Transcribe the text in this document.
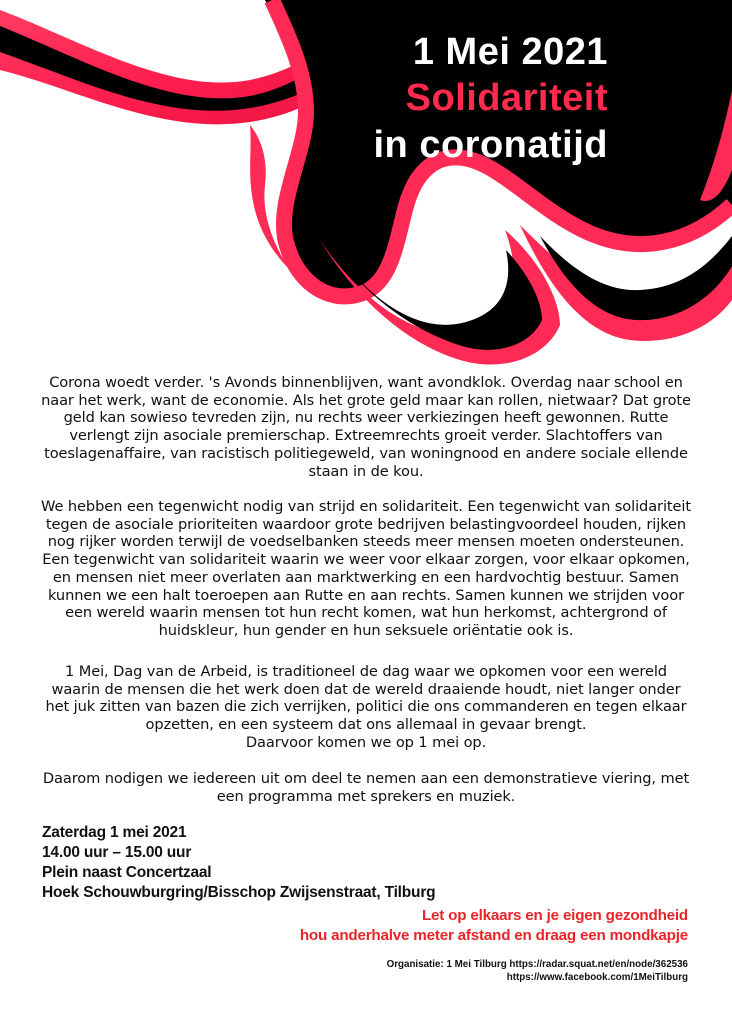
1 Mei 2021
Solidariteit
in coronatijd
Corona woedt verder. 's Avonds binnenblijven, want avondklok. Overdag naar school en naar het werk, want de economie. Als het grote geld maar kan rollen, nietwaar? Dat grote geld kan sowieso tevreden zijn, nu rechts weer verkiezingen heeft gewonnen. Rutte verlengt zijn asociale premierschap. Extreemrechts groeit verder. Slachtoffers van toeslagenaffaire, van racistisch politiegeweld, van woningnood en andere sociale ellende staan in de kou.
We hebben een tegenwicht nodig van strijd en solidariteit. Een tegenwicht van solidariteit tegen de asociale prioriteiten waardoor grote bedrijven belastingvoordeel houden, rijken nog rijker worden terwijl de voedselbanken steeds meer mensen moeten ondersteunen. Een tegenwicht van solidariteit waarin we weer voor elkaar zorgen, voor elkaar opkomen, en mensen niet meer overlaten aan marktwerking en een hardvochtig bestuur. Samen kunnen we een halt toeroepen aan Rutte en aan rechts. Samen kunnen we strijden voor een wereld waarin mensen tot hun recht komen, wat hun herkomst, achtergrond of huidskleur, hun gender en hun seksuele oriëntatie ook is.
1 Mei, Dag van de Arbeid, is traditioneel de dag waar we opkomen voor een wereld waarin de mensen die het werk doen dat de wereld draaiende houdt, niet langer onder het juk zitten van bazen die zich verrijken, politici die ons commanderen en tegen elkaar opzetten, en een systeem dat ons allemaal in gevaar brengt.
Daarvoor komen we op 1 mei op.
Daarom nodigen we iedereen uit om deel te nemen aan een demonstratieve viering, met een programma met sprekers en muziek.
Zaterdag 1 mei 2021
14.00 uur – 15.00 uur
Plein naast Concertzaal
Hoek Schouwburgring/Bisschop Zwijsenstraat, Tilburg
Let op elkaars en je eigen gezondheid
hou anderhalve meter afstand en draag een mondkapje
Organisatie: 1 Mei Tilburg https://radar.squat.net/en/node/362536
https://www.facebook.com/1MeiTilburg
